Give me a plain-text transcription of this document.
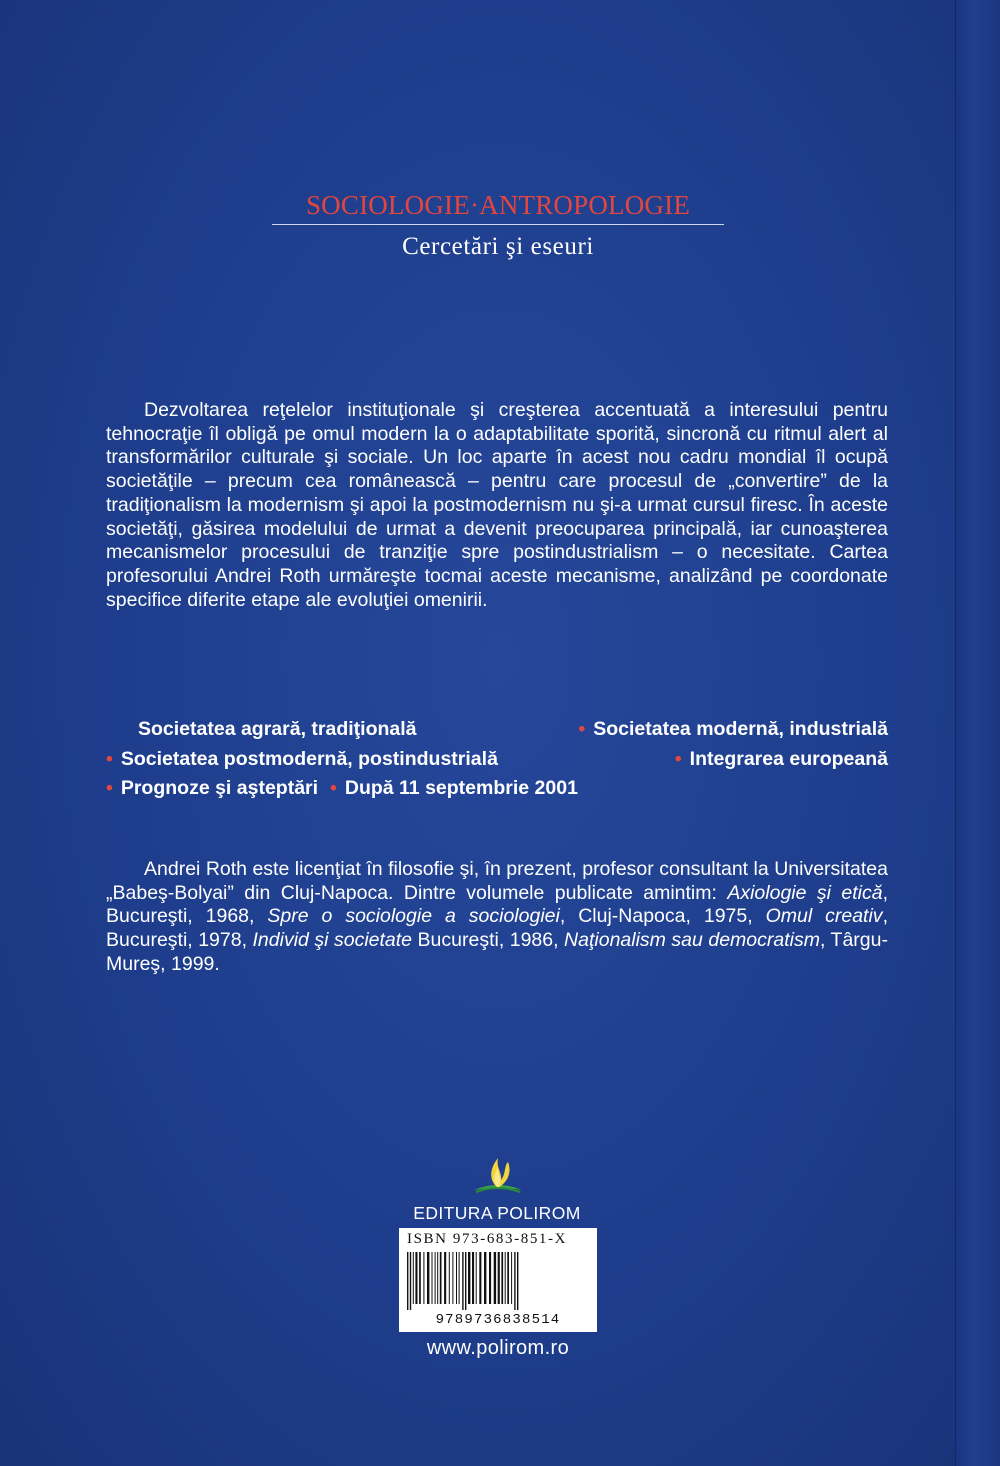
SOCIOLOGIE·ANTROPOLOGIE
Cercetări şi eseuri

Dezvoltarea reţelelor instituţionale şi creşterea accentuată a interesului pentru tehnocraţie îl obligă pe omul modern la o adaptabilitate sporită, sincronă cu ritmul alert al transformărilor culturale şi sociale. Un loc aparte în acest nou cadru mondial îl ocupă societăţile – precum cea românească – pentru care procesul de „convertire” de la tradiţionalism la modernism şi apoi la postmodernism nu şi-a urmat cursul firesc. În aceste societăţi, găsirea modelului de urmat a devenit preocuparea principală, iar cunoaşterea mecanismelor procesului de tranziţie spre postindustrialism – o necesitate. Cartea profesorului Andrei Roth urmăreşte tocmai aceste mecanisme, analizând pe coordonate specifice diferite etape ale evoluţiei omenirii.

Societatea agrară, tradiţională	• Societatea modernă, industrială
• Societatea postmodernă, postindustrială	• Integrarea europeană
• Prognoze şi aşteptări • După 11 septembrie 2001

Andrei Roth este licenţiat în filosofie şi, în prezent, profesor consultant la Universitatea „Babeş-Bolyai” din Cluj-Napoca. Dintre volumele publicate amintim: Axiologie şi etică, Bucureşti, 1968, Spre o sociologie a sociologiei, Cluj-Napoca, 1975, Omul creativ, Bucureşti, 1978, Individ şi societate Bucureşti, 1986, Naţionalism sau democratism, Târgu-Mureş, 1999.

EDITURA POLIROM
ISBN 973-683-851-X
9789736838514
www.polirom.ro
